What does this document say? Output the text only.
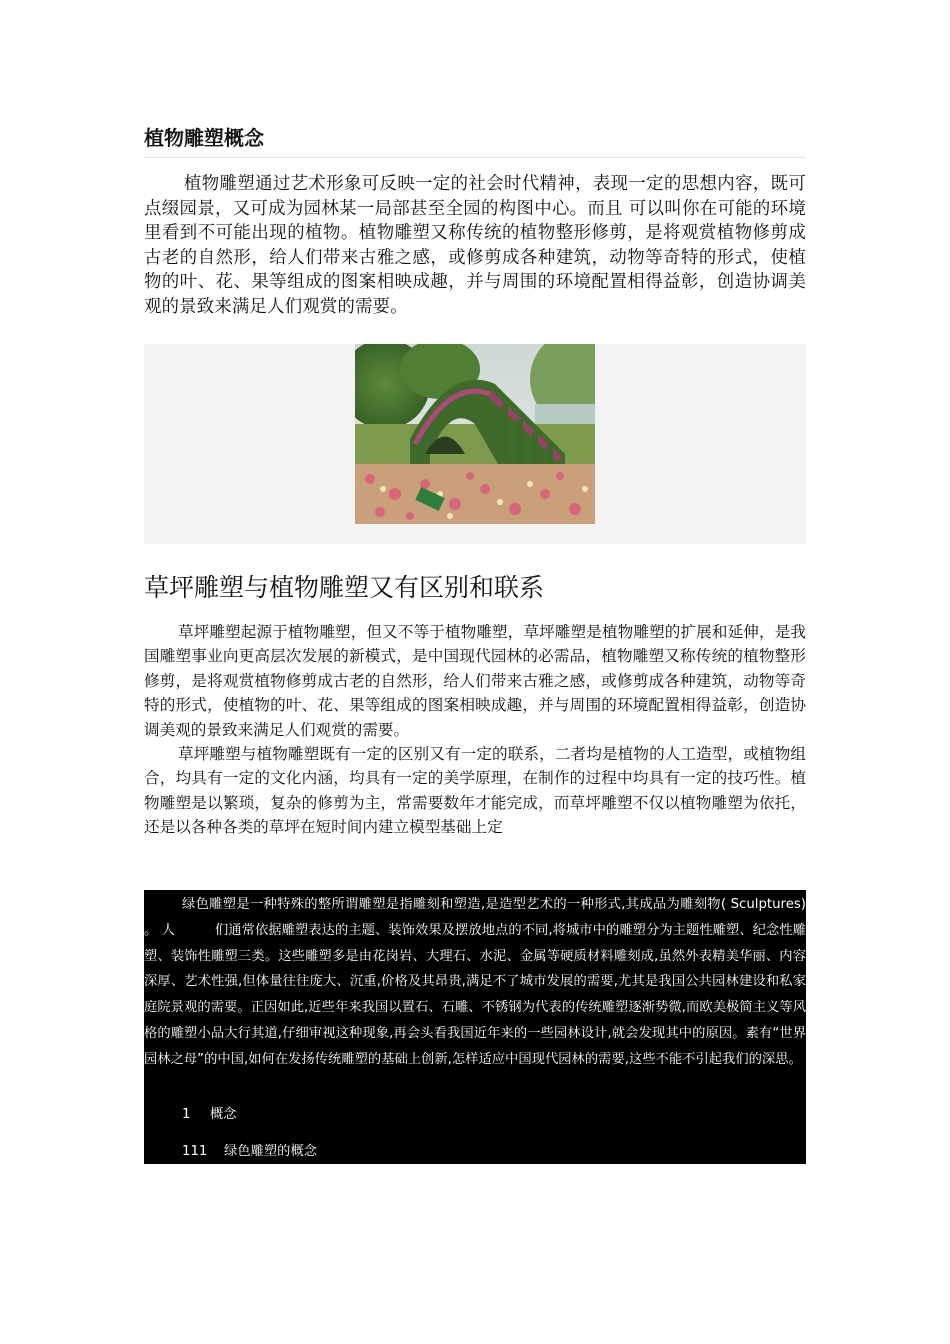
植物雕塑概念
植物雕塑通过艺术形象可反映一定的社会时代精神，表现一定的思想内容，既可点缀园景，又可成为园林某一局部甚至全园的构图中心。而且 可以叫你在可能的环境里看到不可能出现的植物。植物雕塑又称传统的植物整形修剪，是将观赏植物修剪成古老的自然形，给人们带来古雅之感，或修剪成各种建筑，动物等奇特的形式，使植物的叶、花、果等组成的图案相映成趣，并与周围的环境配置相得益彰，创造协调美观的景致来满足人们观赏的需要。
草坪雕塑与植物雕塑又有区别和联系

草坪雕塑起源于植物雕塑，但又不等于植物雕塑，草坪雕塑是植物雕塑的扩展和延伸，是我国雕塑事业向更高层次发展的新模式，是中国现代园林的必需品，植物雕塑又称传统的植物整形修剪，是将观赏植物修剪成古老的自然形，给人们带来古雅之感，或修剪成各种建筑，动物等奇特的形式，使植物的叶、花、果等组成的图案相映成趣，并与周围的环境配置相得益彰，创造协调美观的景致来满足人们观赏的需要。

草坪雕塑与植物雕塑既有一定的区别又有一定的联系，二者均是植物的人工造型，或植物组合，均具有一定的文化内涵，均具有一定的美学原理，在制作的过程中均具有一定的技巧性。植物雕塑是以繁琐，复杂的修剪为主，常需要数年才能完成，而草坪雕塑不仅以植物雕塑为依托，还是以各种各类的草坪在短时间内建立模型基础上定

绿色雕塑是一种特殊的整所谓雕塑是指雕刻和塑造,是造型艺术的一种形式,其成品为雕刻物( Sculptures) 。 人　　　们通常依据雕塑表达的主题、装饰效果及摆放地点的不同,将城市中的雕塑分为主题性雕塑、纪念性雕塑、装饰性雕塑三类。这些雕塑多是由花岗岩、大理石、水泥、金属等硬质材料雕刻成,虽然外表精美华丽、内容深厚、艺术性强,但体量往往庞大、沉重,价格及其昂贵,满足不了城市发展的需要,尤其是我国公共园林建设和私家庭院景观的需要。正因如此,近些年来我国以置石、石雕、不锈钢为代表的传统雕塑逐渐势微,而欧美极简主义等风格的雕塑小品大行其道,仔细审视这种现象,再会头看我国近年来的一些园林设计,就会发现其中的原因。素有“世界园林之母”的中国,如何在发扬传统雕塑的基础上创新,怎样适应中国现代园林的需要,这些不能不引起我们的深思。
1 概念
111 绿色雕塑的概念
